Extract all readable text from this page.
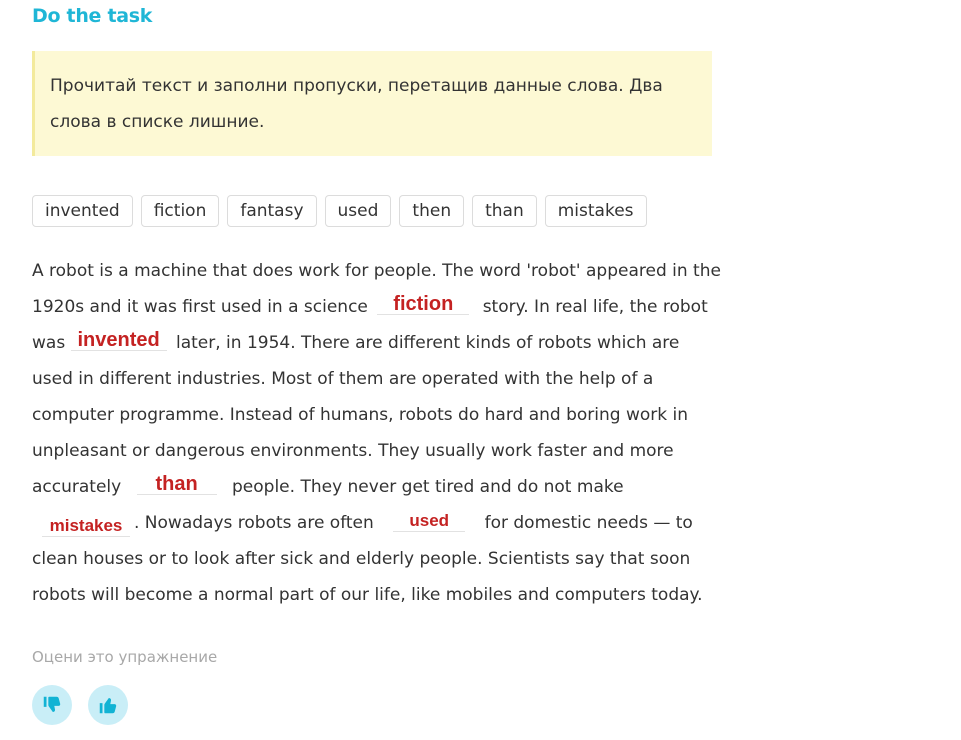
Do the task
Прочитай текст и заполни пропуски, перетащив данные слова. Два слова в списке лишние.
invented	fiction	fantasy	used	then	than	mistakes
A robot is a machine that does work for people. The word 'robot' appeared in the 1920s and it was first used in a science fiction story. In real life, the robot was invented later, in 1954. There are different kinds of robots which are used in different industries. Most of them are operated with the help of a computer programme. Instead of humans, robots do hard and boring work in unpleasant or dangerous environments. They usually work faster and more accurately than people. They never get tired and do not make mistakes . Nowadays robots are often used for domestic needs — to clean houses or to look after sick and elderly people. Scientists say that soon robots will become a normal part of our life, like mobiles and computers today.
Оцени это упражнение
